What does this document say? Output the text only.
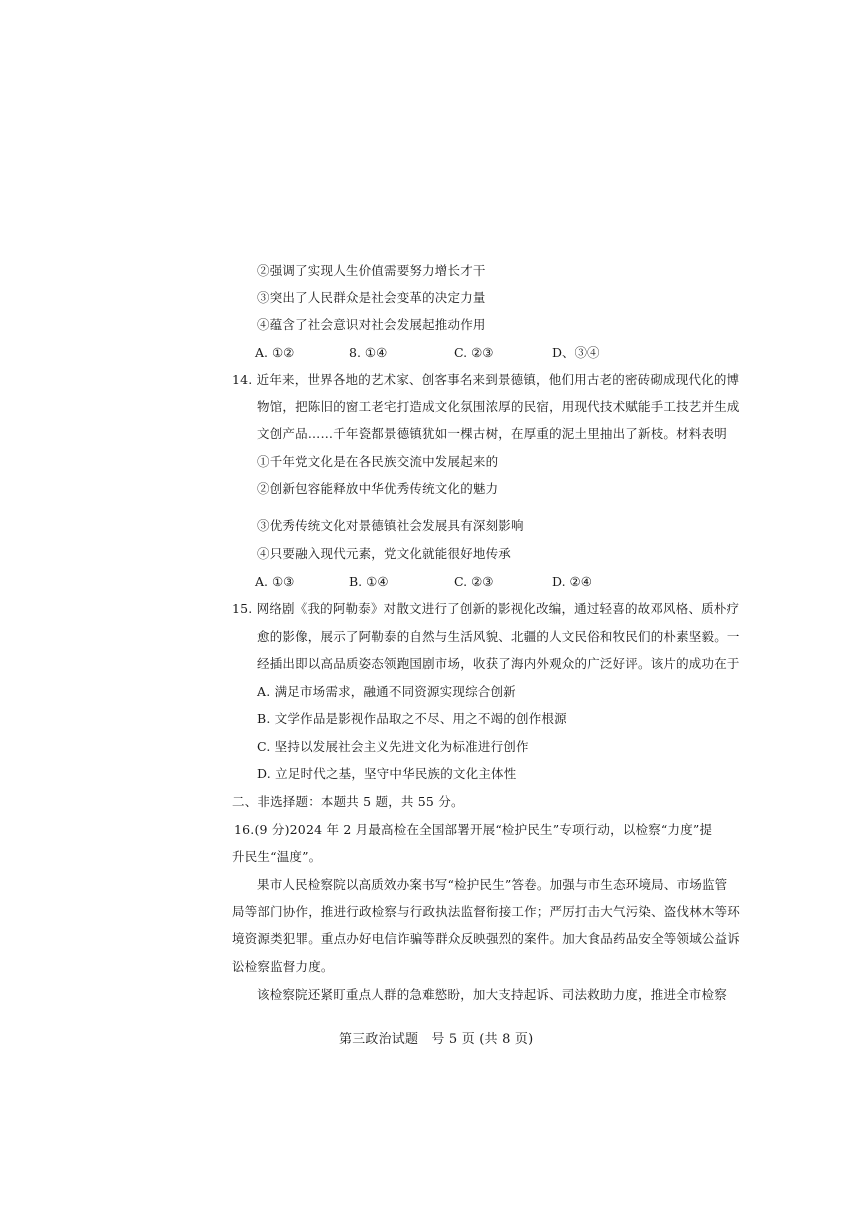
②强调了实现人生价值需要努力增长才干
③突出了人民群众是社会变革的决定力量
④蕴含了社会意识对社会发展起推动作用
A. ①②	8. ①④	C. ②③	D、③④
14. 近年来，世界各地的艺术家、创客事名来到景德镇，他们用古老的密砖砌成现代化的博
物馆，把陈旧的窗工老宅打造成文化氛围浓厚的民宿，用现代技术赋能手工技艺并生成
文创产品……千年瓷都景德镇犹如一棵古树，在厚重的泥土里抽出了新枝。材料表明
①千年党文化是在各民族交流中发展起来的
②创新包容能释放中华优秀传统文化的魅力
③优秀传统文化对景德镇社会发展具有深刻影响
④只要融入现代元素，党文化就能很好地传承
A. ①③	B. ①④	C. ②③	D. ②④
15. 网络剧《我的阿勒泰》对散文进行了创新的影视化改编，通过轻喜的故邓风格、质朴疗
愈的影像，展示了阿勒泰的自然与生活风貌、北疆的人文民俗和牧民们的朴素坚毅。一
经插出即以高品质姿态领跑国剧市场，收获了海内外观众的广泛好评。该片的成功在于
A. 满足市场需求，融通不同资源实现综合创新
B. 文学作品是影视作品取之不尽、用之不竭的创作根源
C. 坚持以发展社会主义先进文化为标准进行创作
D. 立足时代之基，坚守中华民族的文化主体性
二、非选择题：本题共 5 题，共 55 分。
16.(9 分)2024 年 2 月最高检在全国部署开展“检护民生”专项行动，以检察“力度”提
升民生“温度”。
果市人民检察院以高质效办案书写“检护民生”答卷。加强与市生态环境局、市场监管
局等部门协作，推进行政检察与行政执法监督衔接工作；严厉打击大气污染、盗伐林木等环
境资源类犯罪。重点办好电信诈骗等群众反映强烈的案件。加大食品药品安全等领域公益诉
讼检察监督力度。
该检察院还紧盯重点人群的急难慾盼，加大支持起诉、司法救助力度，推进全市检察
第三政治试题　号 5 页 (共 8 页)
